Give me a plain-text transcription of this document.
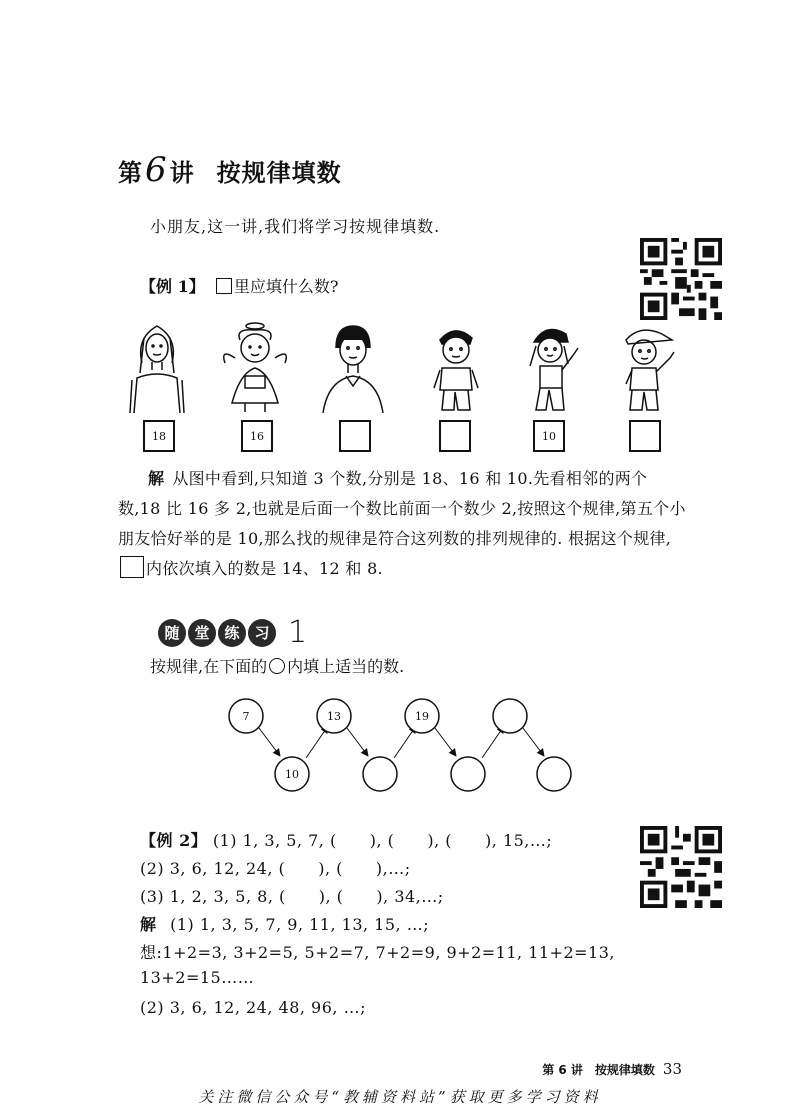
第6讲 按规律填数
小朋友,这一讲,我们将学习按规律填数.
【例 1】 里应填什么数?
18	16	10
解 从图中看到,只知道 3 个数,分别是 18、16 和 10.先看相邻的两个数,18 比 16 多 2,也就是后面一个数比前面一个数少 2,按照这个规律,第五个小朋友恰好举的是 10,那么找的规律是符合这列数的排列规律的. 根据这个规律,内依次填入的数是 14、12 和 8.
随 堂 练 习 1
按规律,在下面的 内填上适当的数.
7	13	19
10
【例 2】 (1) 1, 3, 5, 7, (　　), (　　), (　　), 15,…;
(2) 3, 6, 12, 24, (　　), (　　),…;
(3) 1, 2, 3, 5, 8, (　　), (　　), 34,…;
解 (1) 1, 3, 5, 7, 9, 11, 13, 15, …;
想:1+2=3, 3+2=5, 5+2=7, 7+2=9, 9+2=11, 11+2=13,
13+2=15……
(2) 3, 6, 12, 24, 48, 96, …;
第 6 讲　按规律填数 33
关注微信公众号“教辅资料站”获取更多学习资料
